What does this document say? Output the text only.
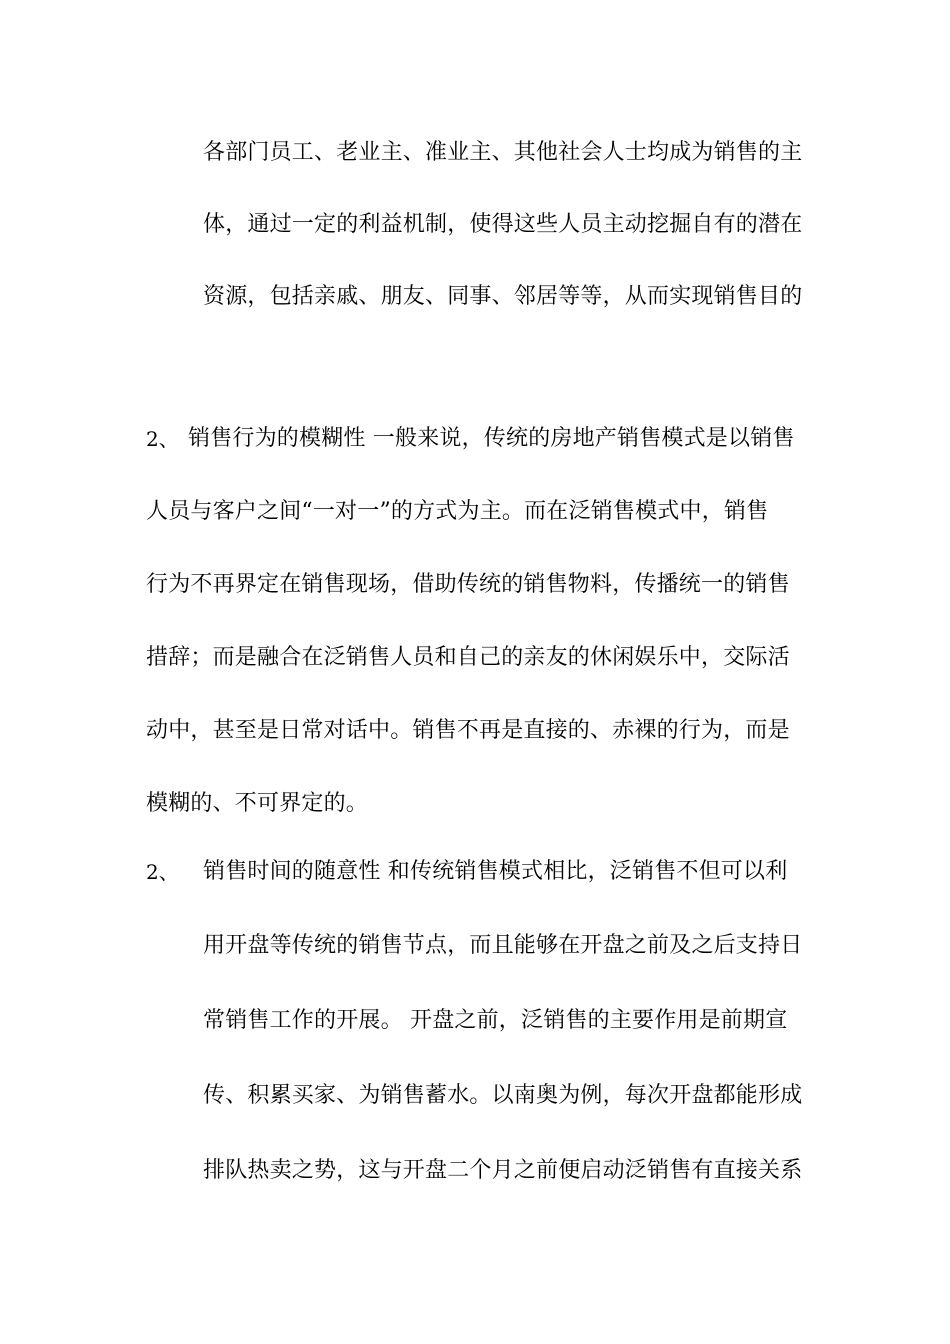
各部门员工、老业主、准业主、其他社会人士均成为销售的主
体，通过一定的利益机制，使得这些人员主动挖掘自有的潜在
资源，包括亲戚、朋友、同事、邻居等等，从而实现销售目的
2、 销售行为的模糊性 一般来说，传统的房地产销售模式是以销售
人员与客户之间“一对一”的方式为主。而在泛销售模式中，销售
行为不再界定在销售现场，借助传统的销售物料，传播统一的销售
措辞；而是融合在泛销售人员和自己的亲友的休闲娱乐中，交际活
动中，甚至是日常对话中。销售不再是直接的、赤裸的行为，而是
模糊的、不可界定的。
2、 销售时间的随意性 和传统销售模式相比，泛销售不但可以利
用开盘等传统的销售节点，而且能够在开盘之前及之后支持日
常销售工作的开展。 开盘之前，泛销售的主要作用是前期宣
传、积累买家、为销售蓄水。以南奥为例，每次开盘都能形成
排队热卖之势，这与开盘二个月之前便启动泛销售有直接关系
